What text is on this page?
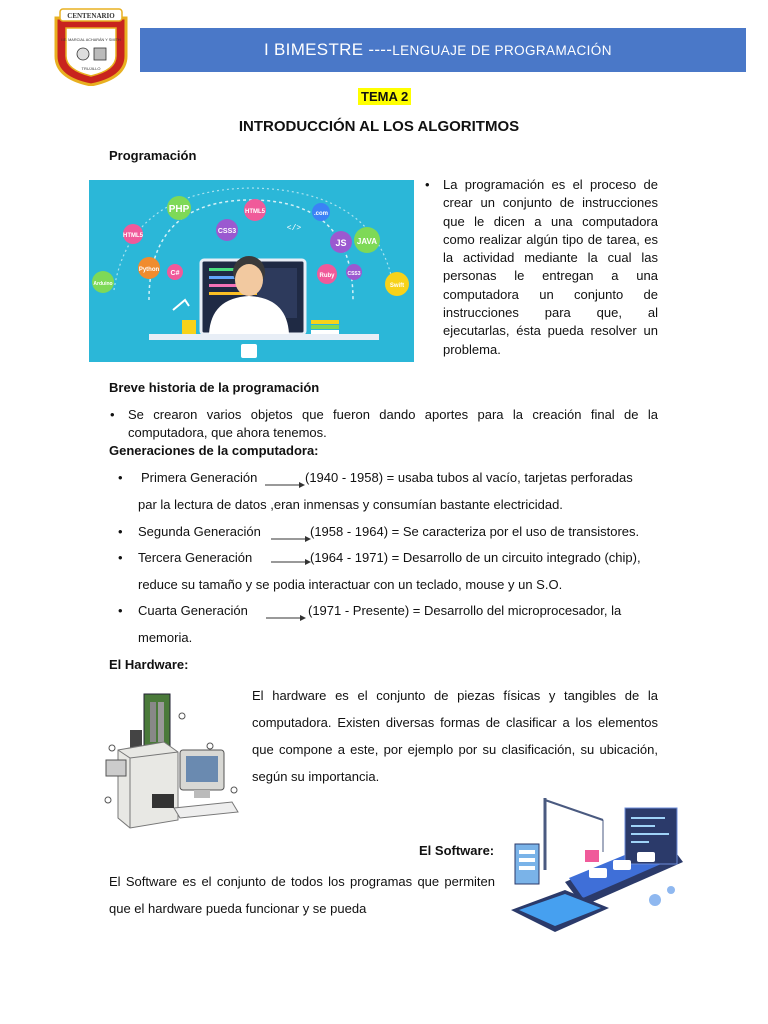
CENTENARIO
I.E. MARCIAL ACHARÁN Y SMITH
TRUJILLO
I BIMESTRE ---- LENGUAJE DE PROGRAMACIÓN
TEMA 2
INTRODUCCIÓN AL LOS ALGORITMOS
Programación
PHP
HTML5
CSS3
HTML5
Python
JS JAVA
Ruby
C#
.com
CSS3
Swift
Arduino
</>
• La programación es el proceso de crear un conjunto de instrucciones que le dicen a una computadora como realizar algún tipo de tarea, es la actividad mediante la cual las personas le entregan a una computadora un conjunto de instrucciones para que, al ejecutarlas, ésta pueda resolver un problema.
Breve historia de la programación
• Se crearon varios objetos que fueron dando aportes para la creación final de la computadora, que ahora tenemos.
Generaciones de la computadora:
• Primera Generación	(1940 - 1958) = usaba tubos al vacío, tarjetas perforadas
par la lectura de datos ,eran inmensas y consumían bastante electricidad.
• Segunda Generación	(1958 - 1964) = Se caracteriza por el uso de transistores.
• Tercera Generación	(1964 - 1971) = Desarrollo de un circuito integrado (chip),
reduce su tamaño y se podia interactuar con un teclado, mouse y un S.O.
• Cuarta Generación	(1971 - Presente) = Desarrollo del microprocesador, la
memoria.
El Hardware:
El hardware es el conjunto de piezas físicas y tangibles de la computadora. Existen diversas formas de clasificar a los elementos que compone a este, por ejemplo por su clasificación, su ubicación, según su importancia.
El Software:
El Software es el conjunto de todos los programas que permiten que el hardware pueda funcionar y se pueda
